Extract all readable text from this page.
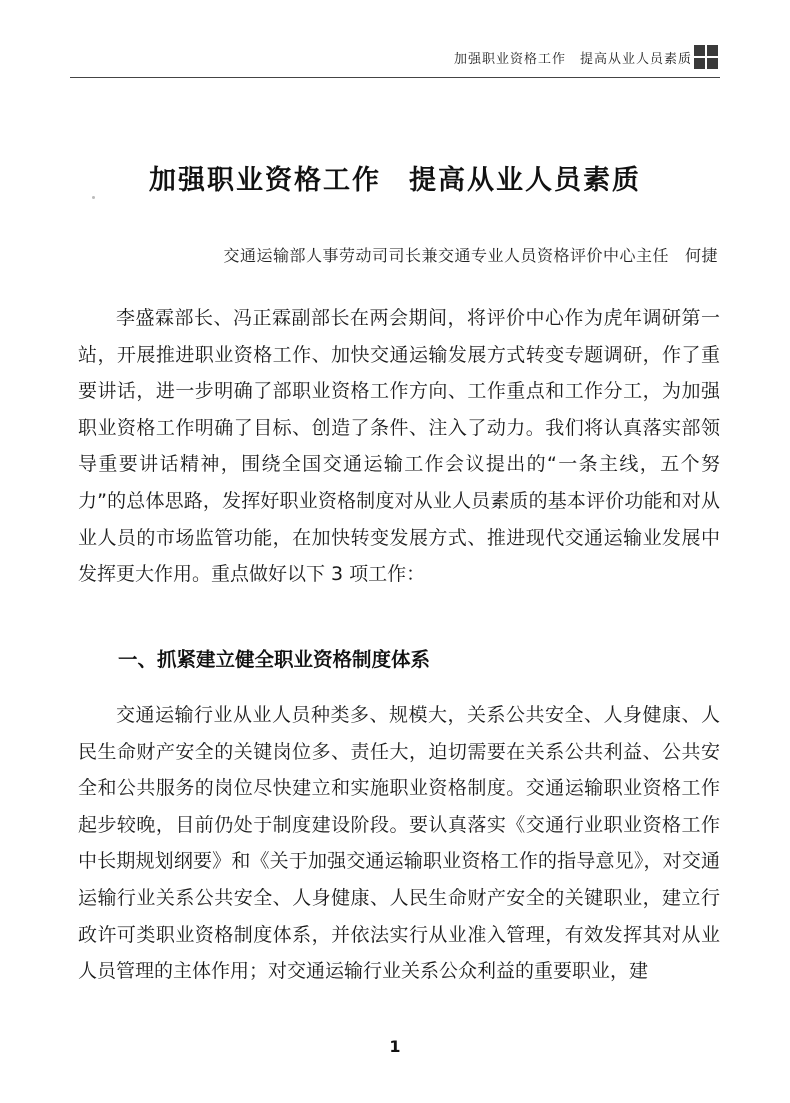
加强职业资格工作 提高从业人员素质
加强职业资格工作 提高从业人员素质
交通运输部人事劳动司司长兼交通专业人员资格评价中心主任 何捷

李盛霖部长、冯正霖副部长在两会期间，将评价中心作为虎年调研第一站，开展推进职业资格工作、加快交通运输发展方式转变专题调研，作了重要讲话，进一步明确了部职业资格工作方向、工作重点和工作分工，为加强职业资格工作明确了目标、创造了条件、注入了动力。我们将认真落实部领导重要讲话精神，围绕全国交通运输工作会议提出的“一条主线，五个努力”的总体思路，发挥好职业资格制度对从业人员素质的基本评价功能和对从业人员的市场监管功能，在加快转变发展方式、推进现代交通运输业发展中发挥更大作用。重点做好以下 3 项工作：

一、抓紧建立健全职业资格制度体系

交通运输行业从业人员种类多、规模大，关系公共安全、人身健康、人民生命财产安全的关键岗位多、责任大，迫切需要在关系公共利益、公共安全和公共服务的岗位尽快建立和实施职业资格制度。交通运输职业资格工作起步较晚，目前仍处于制度建设阶段。要认真落实《交通行业职业资格工作中长期规划纲要》和《关于加强交通运输职业资格工作的指导意见》，对交通运输行业关系公共安全、人身健康、人民生命财产安全的关键职业，建立行政许可类职业资格制度体系，并依法实行从业准入管理，有效发挥其对从业人员管理的主体作用；对交通运输行业关系公众利益的重要职业，建

1
